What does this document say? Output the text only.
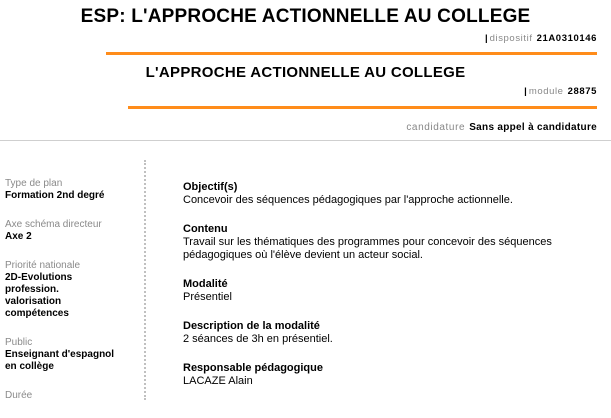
ESP: L'APPROCHE ACTIONNELLE AU COLLEGE
| dispositif 21A0310146
L'APPROCHE ACTIONNELLE AU COLLEGE
| module 28875
candidature Sans appel à candidature
Type de plan
Formation 2nd degré
Axe schéma directeur
Axe 2
Priorité nationale
2D-Evolutions profession. valorisation compétences
Public
Enseignant d'espagnol en collège
Durée
Objectif(s)
Concevoir des séquences pédagogiques par l'approche actionnelle.
Contenu
Travail sur les thématiques des programmes pour concevoir des séquences pédagogiques où l'élève devient un acteur social.
Modalité
Présentiel
Description de la modalité
2 séances de 3h en présentiel.
Responsable pédagogique
LACAZE Alain
